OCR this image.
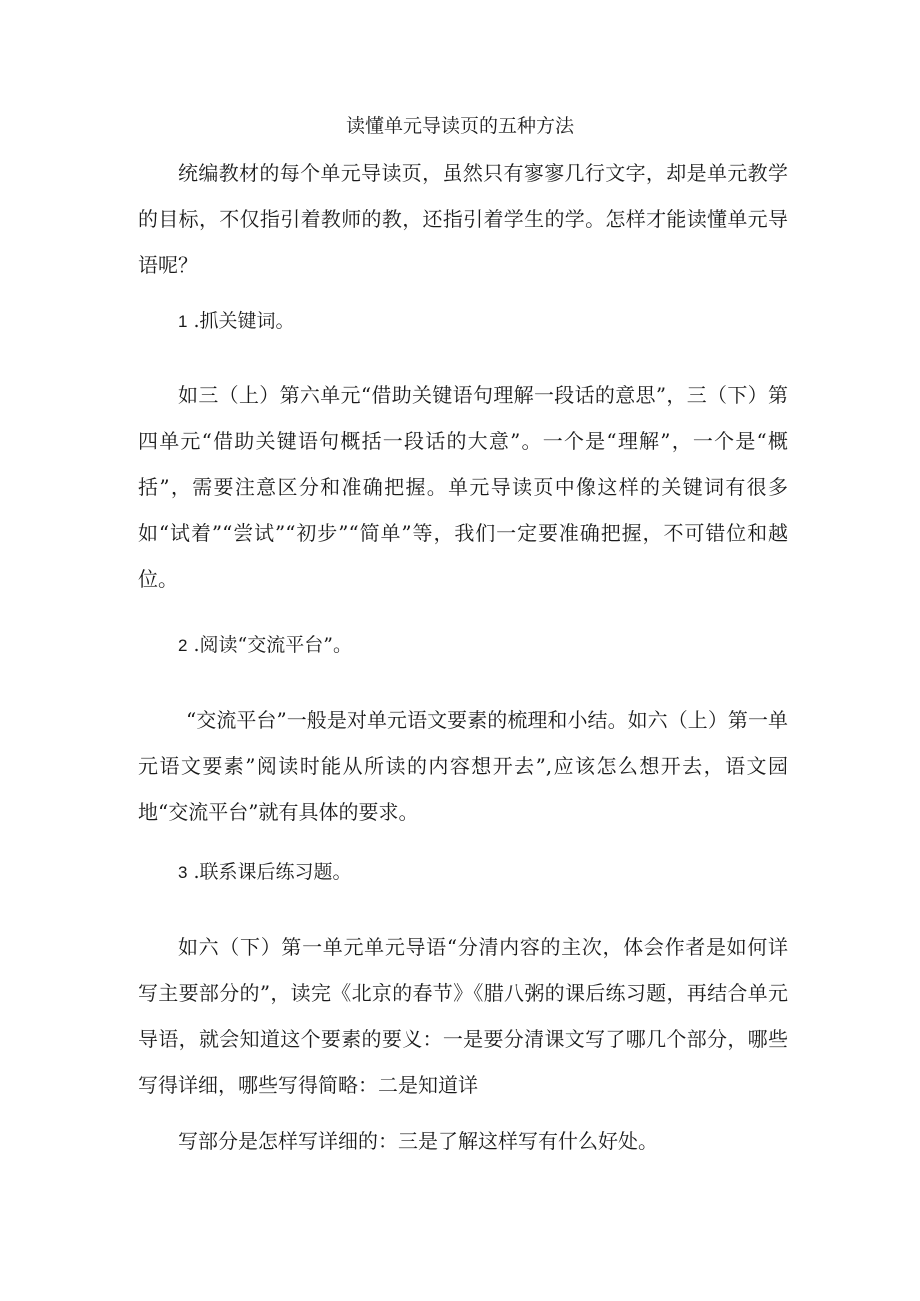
读懂单元导读页的五种方法

统编教材的每个单元导读页，虽然只有寥寥几行文字，却是单元教学的目标，不仅指引着教师的教，还指引着学生的学。怎样才能读懂单元导语呢？

1 .抓关键词。

如三（上）第六单元“借助关键语句理解一段话的意思”，三（下）第四单元“借助关键语句概括一段话的大意”。一个是“理解”，一个是“概括”，需要注意区分和准确把握。单元导读页中像这样的关键词有很多如“试着”“尝试”“初步”“简单”等，我们一定要准确把握，不可错位和越位。

2 .阅读“交流平台”。

“交流平台”一般是对单元语文要素的梳理和小结。如六（上）第一单元语文要素”阅读时能从所读的内容想开去”,应该怎么想开去，语文园地“交流平台”就有具体的要求。

3 .联系课后练习题。

如六（下）第一单元单元导语“分清内容的主次，体会作者是如何详写主要部分的”，读完《北京的春节》《腊八粥的课后练习题，再结合单元导语，就会知道这个要素的要义：一是要分清课文写了哪几个部分，哪些写得详细，哪些写得简略：二是知道详

写部分是怎样写详细的：三是了解这样写有什么好处。
